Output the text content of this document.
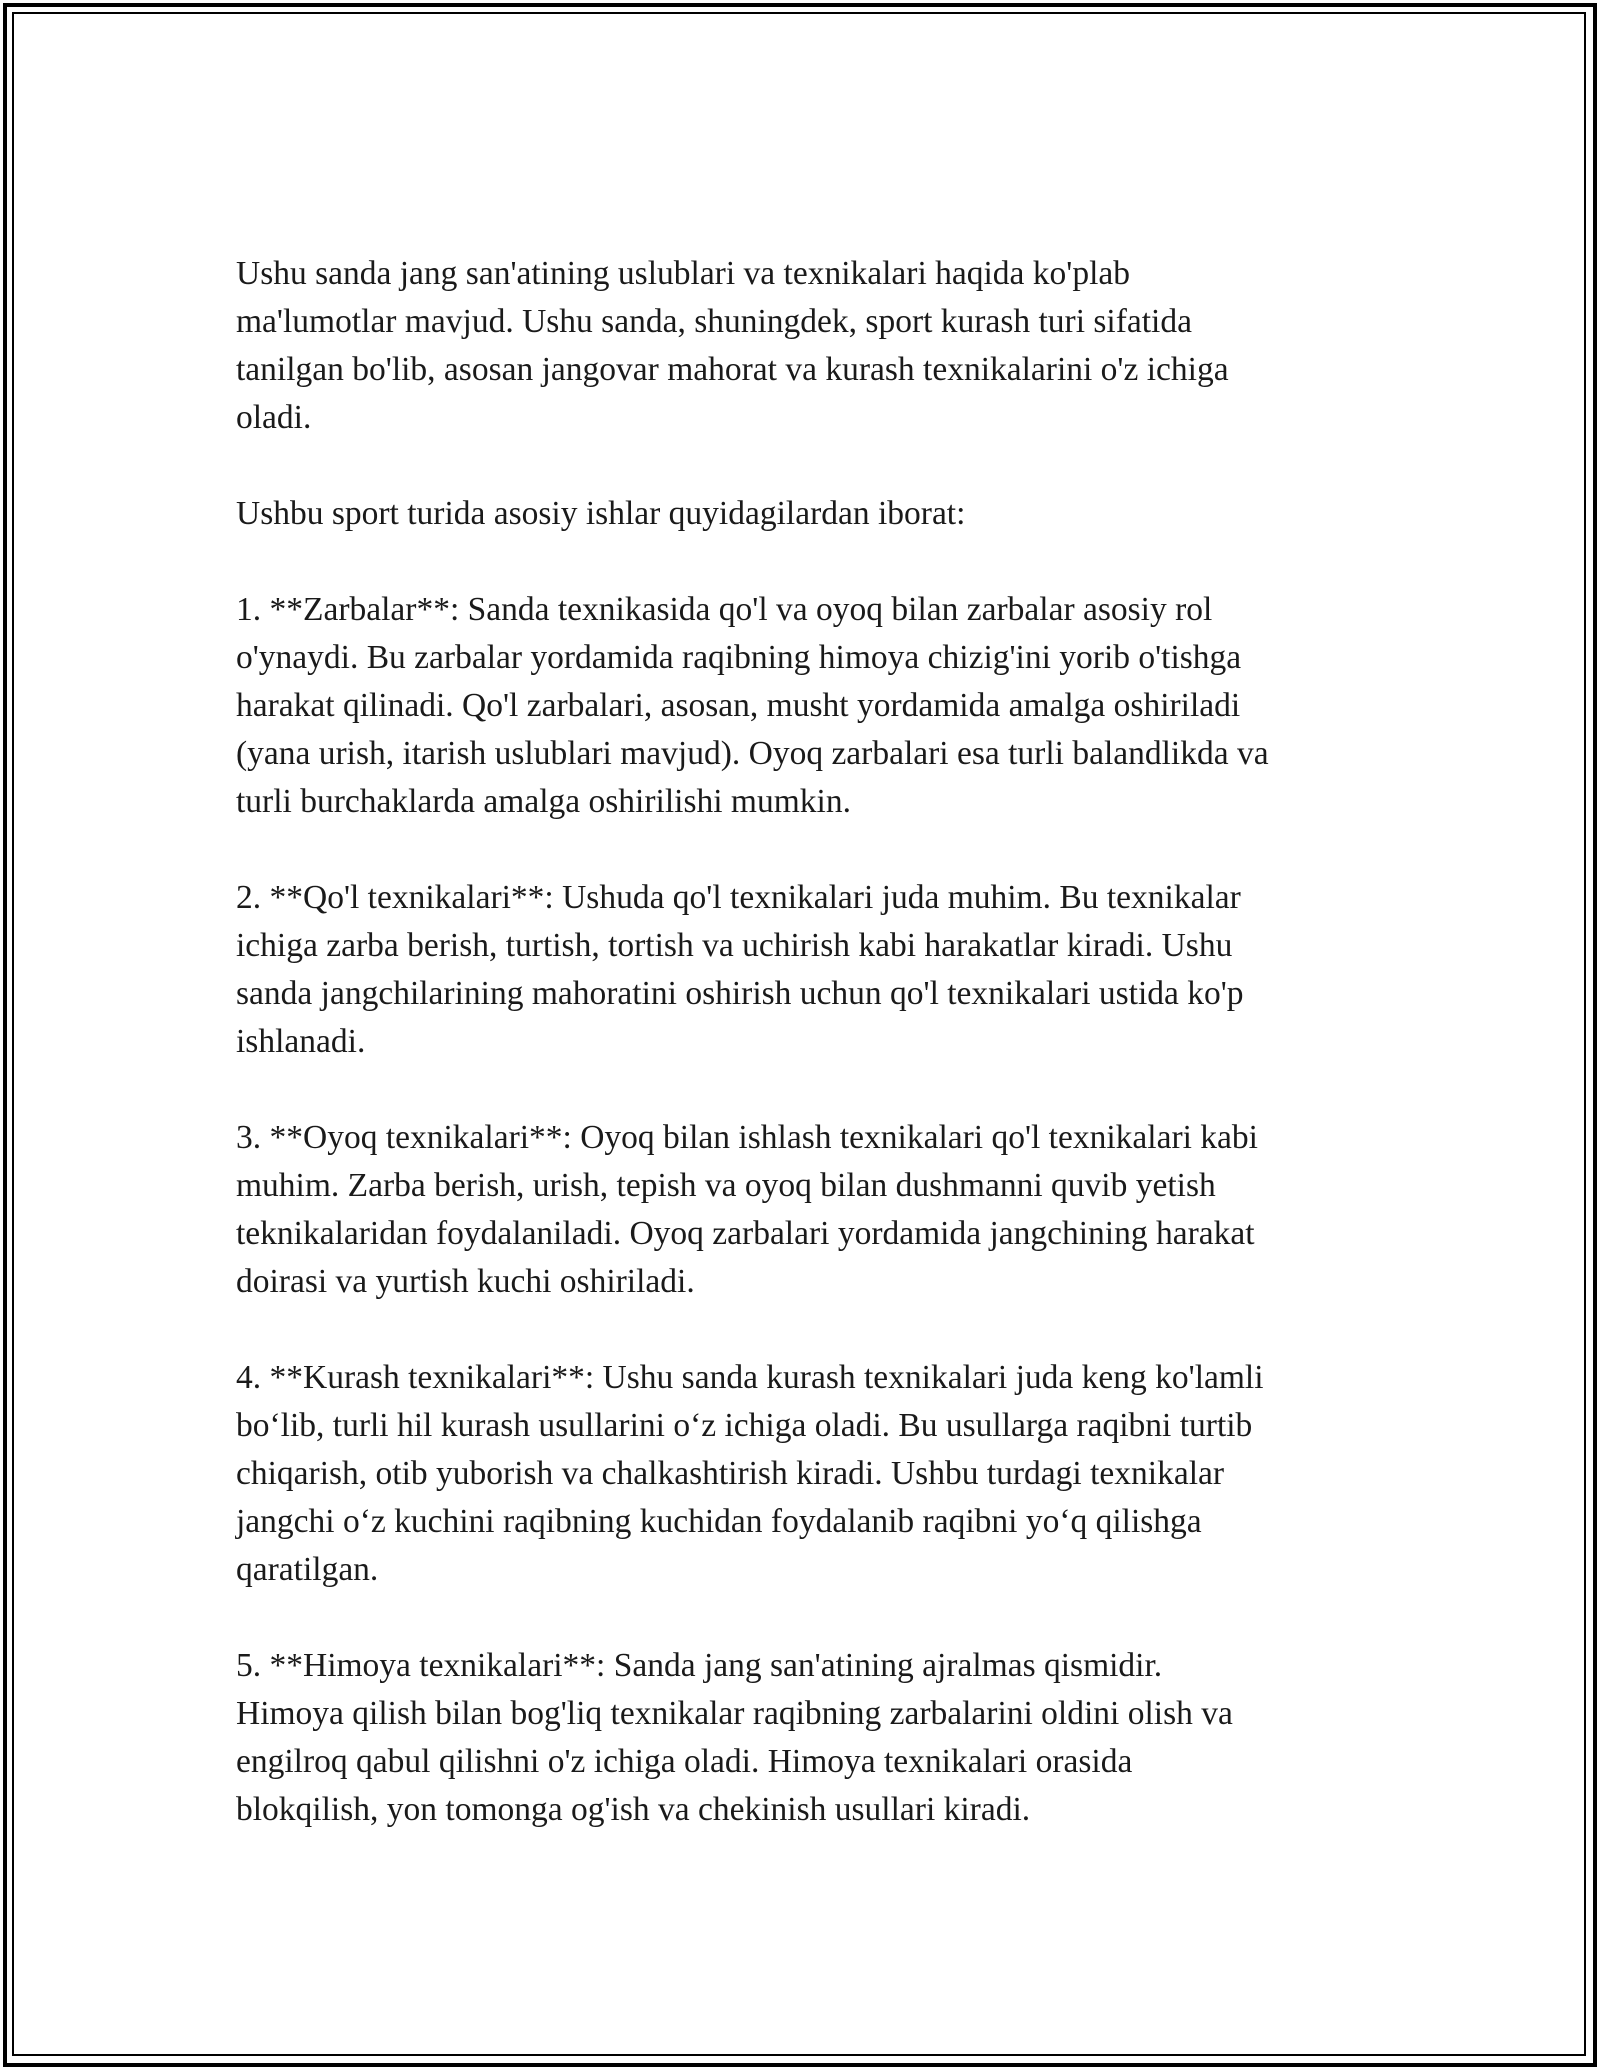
Ushu sanda jang san'atining uslublari va texnikalari haqida ko'plab
ma'lumotlar mavjud. Ushu sanda, shuningdek, sport kurash turi sifatida
tanilgan bo'lib, asosan jangovar mahorat va kurash texnikalarini o'z ichiga
oladi.

Ushbu sport turida asosiy ishlar quyidagilardan iborat:

1. **Zarbalar**: Sanda texnikasida qo'l va oyoq bilan zarbalar asosiy rol
o'ynaydi. Bu zarbalar yordamida raqibning himoya chizig'ini yorib o'tishga
harakat qilinadi. Qo'l zarbalari, asosan, musht yordamida amalga oshiriladi
(yana urish, itarish uslublari mavjud). Oyoq zarbalari esa turli balandlikda va
turli burchaklarda amalga oshirilishi mumkin.

2. **Qo'l texnikalari**: Ushuda qo'l texnikalari juda muhim. Bu texnikalar
ichiga zarba berish, turtish, tortish va uchirish kabi harakatlar kiradi. Ushu
sanda jangchilarining mahoratini oshirish uchun qo'l texnikalari ustida ko'p
ishlanadi.

3. **Oyoq texnikalari**: Oyoq bilan ishlash texnikalari qo'l texnikalari kabi
muhim. Zarba berish, urish, tepish va oyoq bilan dushmanni quvib yetish
teknikalaridan foydalaniladi. Oyoq zarbalari yordamida jangchining harakat
doirasi va yurtish kuchi oshiriladi.

4. **Kurash texnikalari**: Ushu sanda kurash texnikalari juda keng ko'lamli
bo‘lib, turli hil kurash usullarini o‘z ichiga oladi. Bu usullarga raqibni turtib
chiqarish, otib yuborish va chalkashtirish kiradi. Ushbu turdagi texnikalar
jangchi o‘z kuchini raqibning kuchidan foydalanib raqibni yo‘q qilishga
qaratilgan.

5. **Himoya texnikalari**: Sanda jang san'atining ajralmas qismidir.
Himoya qilish bilan bog'liq texnikalar raqibning zarbalarini oldini olish va
engilroq qabul qilishni o'z ichiga oladi. Himoya texnikalari orasida
blokqilish, yon tomonga og'ish va chekinish usullari kiradi.
